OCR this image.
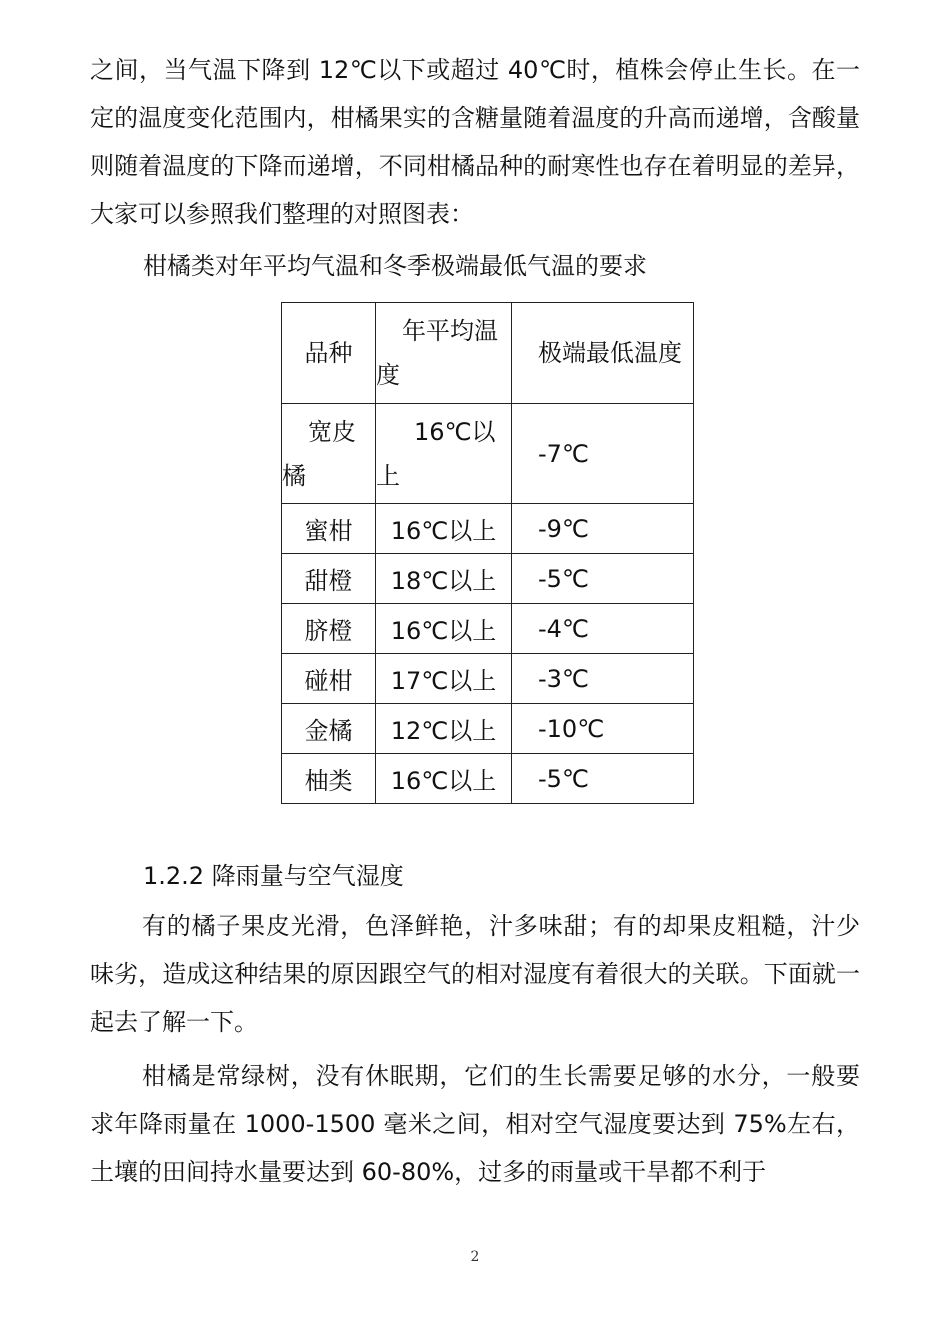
之间，当气温下降到 12℃以下或超过 40℃时，植株会停止生长。在一定的温度变化范围内，柑橘果实的含糖量随着温度的升高而递增，含酸量则随着温度的下降而递增，不同柑橘品种的耐寒性也存在着明显的差异，大家可以参照我们整理的对照图表：

柑橘类对年平均气温和冬季极端最低气温的要求

品种	年平均温度	极端最低温度

宽皮橘	16℃以上	-7℃
蜜柑	16℃以上	-9℃
甜橙	18℃以上	-5℃
脐橙	16℃以上	-4℃
碰柑	17℃以上	-3℃
金橘	12℃以上	-10℃
柚类	16℃以上	-5℃

1.2.2 降雨量与空气湿度

有的橘子果皮光滑，色泽鲜艳，汁多味甜；有的却果皮粗糙，汁少味劣，造成这种结果的原因跟空气的相对湿度有着很大的关联。下面就一起去了解一下。

柑橘是常绿树，没有休眠期，它们的生长需要足够的水分，一般要求年降雨量在 1000-1500 毫米之间，相对空气湿度要达到 75%左右，土壤的田间持水量要达到 60-80%，过多的雨量或干旱都不利于

2
